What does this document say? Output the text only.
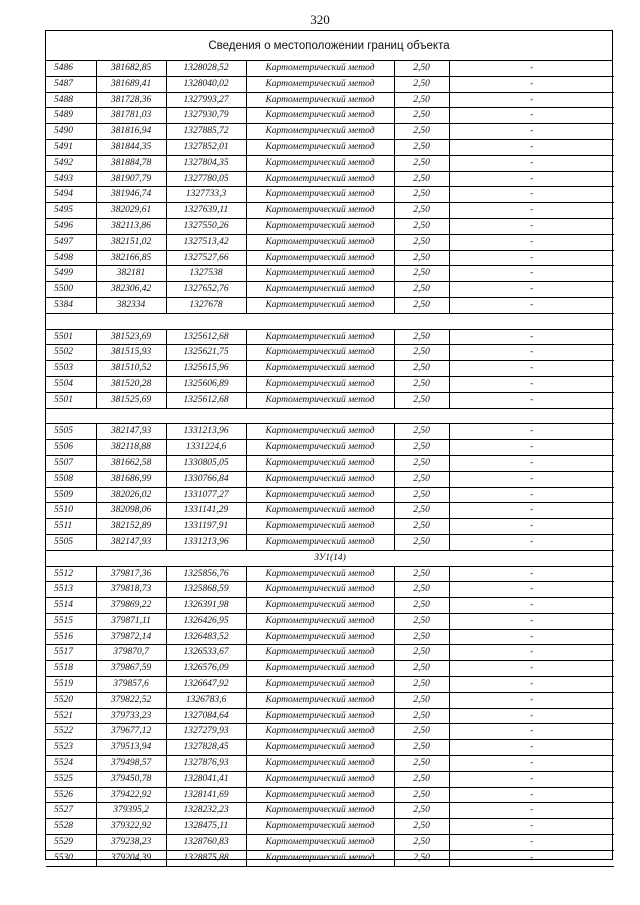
320
Сведения о местоположении границ объекта
5486	381682,85	1328028,52	Картометрический метод	2,50	-
5487	381689,41	1328040,02	Картометрический метод	2,50	-
5488	381728,36	1327993,27	Картометрический метод	2,50	-
5489	381781,03	1327930,79	Картометрический метод	2,50	-
5490	381816,94	1327885,72	Картометрический метод	2,50	-
5491	381844,35	1327852,01	Картометрический метод	2,50	-
5492	381884,78	1327804,35	Картометрический метод	2,50	-
5493	381907,79	1327780,05	Картометрический метод	2,50	-
5494	381946,74	1327733,3	Картометрический метод	2,50	-
5495	382029,61	1327639,11	Картометрический метод	2,50	-
5496	382113,86	1327550,26	Картометрический метод	2,50	-
5497	382151,02	1327513,42	Картометрический метод	2,50	-
5498	382166,85	1327527,66	Картометрический метод	2,50	-
5499	382181	1327538	Картометрический метод	2,50	-
5500	382306,42	1327652,76	Картометрический метод	2,50	-
5384	382334	1327678	Картометрический метод	2,50	-

5501	381523,69	1325612,68	Картометрический метод	2,50	-
5502	381515,93	1325621,75	Картометрический метод	2,50	-
5503	381510,52	1325615,96	Картометрический метод	2,50	-
5504	381520,28	1325606,89	Картометрический метод	2,50	-
5501	381525,69	1325612,68	Картометрический метод	2,50	-

5505	382147,93	1331213,96	Картометрический метод	2,50	-
5506	382118,88	1331224,6	Картометрический метод	2,50	-
5507	381662,58	1330805,05	Картометрический метод	2,50	-
5508	381686,99	1330766,84	Картометрический метод	2,50	-
5509	382026,02	1331077,27	Картометрический метод	2,50	-
5510	382098,06	1331141,29	Картометрический метод	2,50	-
5511	382152,89	1331197,91	Картометрический метод	2,50	-
5505	382147,93	1331213,96	Картометрический метод	2,50	-
ЗУ1(14)					
5512	379817,36	1325856,76	Картометрический метод	2,50	-
5513	379818,73	1325868,59	Картометрический метод	2,50	-
5514	379869,22	1326391,98	Картометрический метод	2,50	-
5515	379871,11	1326426,95	Картометрический метод	2,50	-
5516	379872,14	1326483,52	Картометрический метод	2,50	-
5517	379870,7	1326533,67	Картометрический метод	2,50	-
5518	379867,59	1326576,09	Картометрический метод	2,50	-
5519	379857,6	1326647,92	Картометрический метод	2,50	-
5520	379822,52	1326783,6	Картометрический метод	2,50	-
5521	379733,23	1327084,64	Картометрический метод	2,50	-
5522	379677,12	1327279,93	Картометрический метод	2,50	-
5523	379513,94	1327828,45	Картометрический метод	2,50	-
5524	379498,57	1327876,93	Картометрический метод	2,50	-
5525	379450,78	1328041,41	Картометрический метод	2,50	-
5526	379422,92	1328141,69	Картометрический метод	2,50	-
5527	379395,2	1328232,23	Картометрический метод	2,50	-
5528	379322,92	1328475,11	Картометрический метод	2,50	-
5529	379238,23	1328760,83	Картометрический метод	2,50	-
5530	379204,39	1328875,88	Картометрический метод	2,50	-
